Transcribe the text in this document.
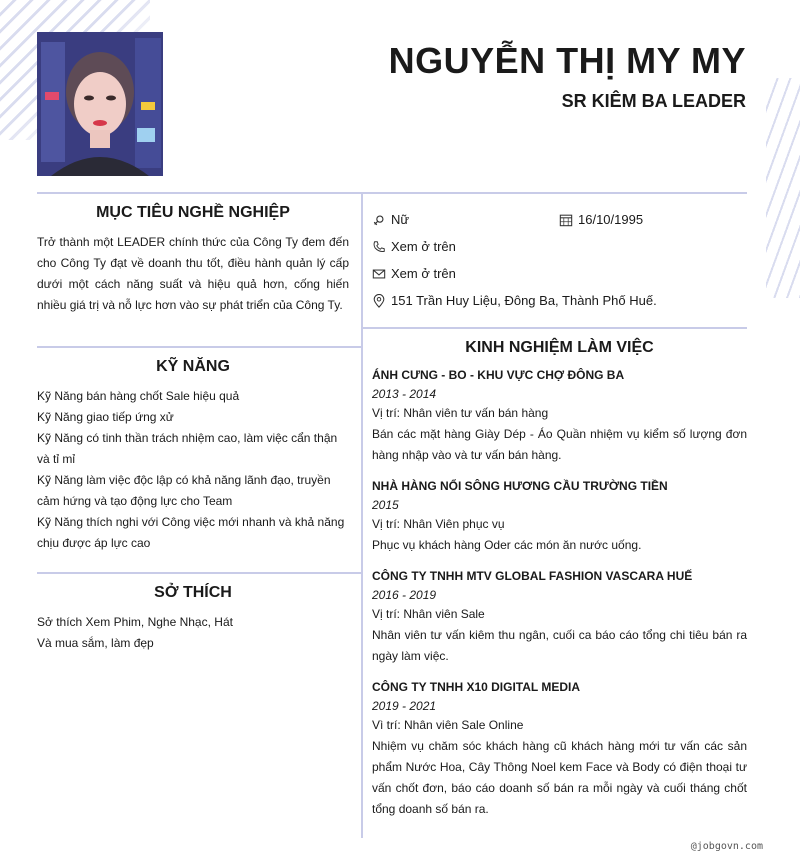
NGUYỄN THỊ MY MY
SR KIÊM BA LEADER
MỤC TIÊU NGHỀ NGHIỆP

Trở thành một LEADER chính thức của Công Ty đem đến cho Công Ty đạt về doanh thu tốt, điều hành quản lý cấp dưới một cách năng suất và hiệu quả hơn, cống hiến nhiều giá trị và nỗ lực hơn vào sự phát triển của Công Ty.

KỸ NĂNG

Kỹ Năng bán hàng chốt Sale hiệu quả

Kỹ Năng giao tiếp ứng xử

Kỹ Năng có tinh thần trách nhiệm cao, làm việc cẩn thận và tỉ mỉ

Kỹ Năng làm việc độc lập có khả năng lãnh đạo, truyền cảm hứng và tạo động lực cho Team

Kỹ Năng thích nghi với Công việc mới nhanh và khả năng chịu được áp lực cao

SỞ THÍCH

Sở thích Xem Phim, Nghe Nhạc, Hát

Và mua sắm, làm đẹp

Nữ	16/10/1995
Xem ở trên
Xem ở trên
151 Trần Huy Liệu, Đông Ba, Thành Phố Huế.
KINH NGHIỆM LÀM VIỆC

ÁNH CƯNG - BO - KHU VỰC CHỢ ĐÔNG BA

2013 - 2014

Vị trí: Nhân viên tư vấn bán hàng

Bán các mặt hàng Giày Dép - Áo Quần nhiệm vụ kiểm số lượng đơn hàng nhập vào và tư vấn bán hàng.

NHÀ HÀNG NỔI SÔNG HƯƠNG CẦU TRƯỜNG TIỀN

2015

Vị trí: Nhân Viên phục vụ

Phục vụ khách hàng Oder các món ăn nước uống.

CÔNG TY TNHH MTV GLOBAL FASHION VASCARA HUẾ

2016 - 2019

Vị trí: Nhân viên Sale

Nhân viên tư vấn kiêm thu ngân, cuối ca báo cáo tổng chi tiêu bán ra ngày làm việc.

CÔNG TY TNHH X10 DIGITAL MEDIA

2019 - 2021

Vì trí: Nhân viên Sale Online

Nhiệm vụ chăm sóc khách hàng cũ khách hàng mới tư vấn các sản phẩm Nước Hoa, Cây Thông Noel kem Face và Body có điện thoại tư vấn chốt đơn, báo cáo doanh số bán ra mỗi ngày và cuối tháng chốt tổng doanh số bán ra.

@jobgovn.com
